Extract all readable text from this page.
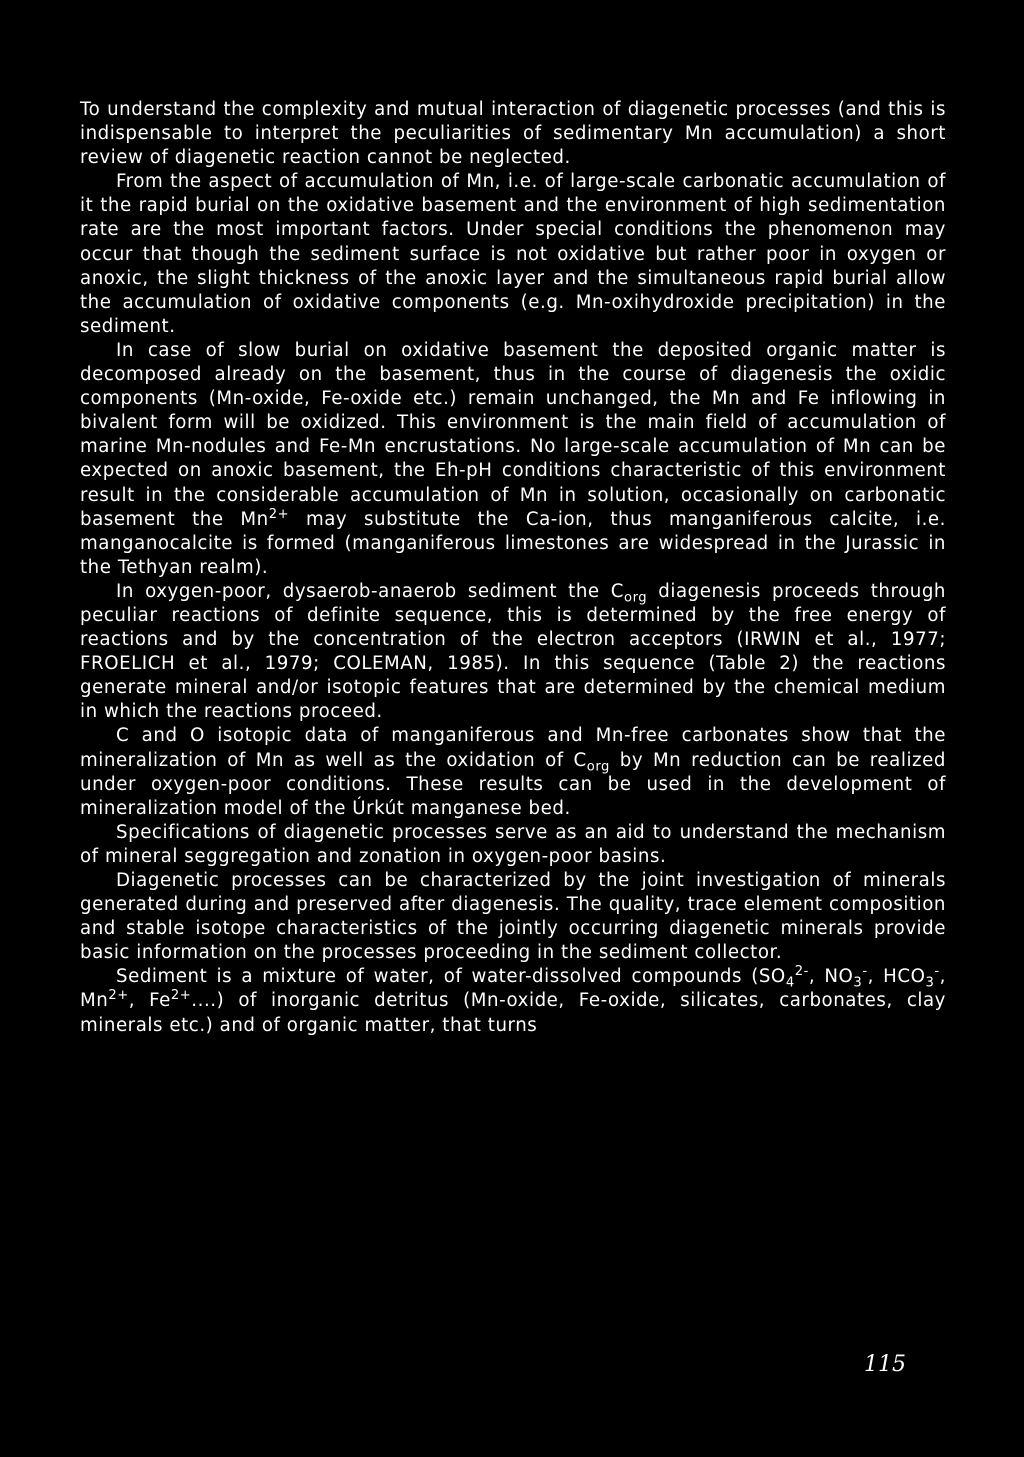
To understand the complexity and mutual interaction of diagenetic processes (and this is indispensable to interpret the peculiarities of sedimentary Mn accumulation) a short review of diagenetic reaction cannot be neglected.

From the aspect of accumulation of Mn, i.e. of large-scale carbonatic accumulation of it the rapid burial on the oxidative basement and the environment of high sedimentation rate are the most important factors. Under special conditions the phenomenon may occur that though the sediment surface is not oxidative but rather poor in oxygen or anoxic, the slight thickness of the anoxic layer and the simultaneous rapid burial allow the accumulation of oxidative components (e.g. Mn-oxihydroxide precipitation) in the sediment.

In case of slow burial on oxidative basement the deposited organic matter is decomposed already on the basement, thus in the course of diagenesis the oxidic components (Mn-oxide, Fe-oxide etc.) remain unchanged, the Mn and Fe inflowing in bivalent form will be oxidized. This environment is the main field of accumulation of marine Mn-nodules and Fe-Mn encrustations. No large-scale accumulation of Mn can be expected on anoxic basement, the Eh-pH conditions characteristic of this environment result in the considerable accumulation of Mn in solution, occasionally on carbonatic basement the $Mn^{2+}$ may substitute the Ca-ion, thus manganiferous calcite, i.e. manganocalcite is formed (manganiferous limestones are widespread in the Jurassic in the Tethyan realm).

In oxygen-poor, dysaerob-anaerob sediment the $C_{org}$ diagenesis proceeds through peculiar reactions of definite sequence, this is determined by the free energy of reactions and by the concentration of the electron acceptors (IRWIN et al., 1977; FROELICH et al., 1979; COLEMAN, 1985). In this sequence (Table 2) the reactions generate mineral and/or isotopic features that are determined by the chemical medium in which the reactions proceed.

C and O isotopic data of manganiferous and Mn-free carbonates show that the mineralization of Mn as well as the oxidation of $C_{org}$ by Mn reduction can be realized under oxygen-poor conditions. These results can be used in the development of mineralization model of the Úrkút manganese bed.

Specifications of diagenetic processes serve as an aid to understand the mechanism of mineral seggregation and zonation in oxygen-poor basins.

Diagenetic processes can be characterized by the joint investigation of minerals generated during and preserved after diagenesis. The quality, trace element composition and stable isotope characteristics of the jointly occurring diagenetic minerals provide basic information on the processes proceeding in the sediment collector.

Sediment is a mixture of water, of water-dissolved compounds ($SO_4^{2-}$, $NO_3^-$, $HCO_3^-$, $Mn^{2+}$, $Fe^{2+}$....) of inorganic detritus (Mn-oxide, Fe-oxide, silicates, carbonates, clay minerals etc.) and of organic matter, that turns

115
